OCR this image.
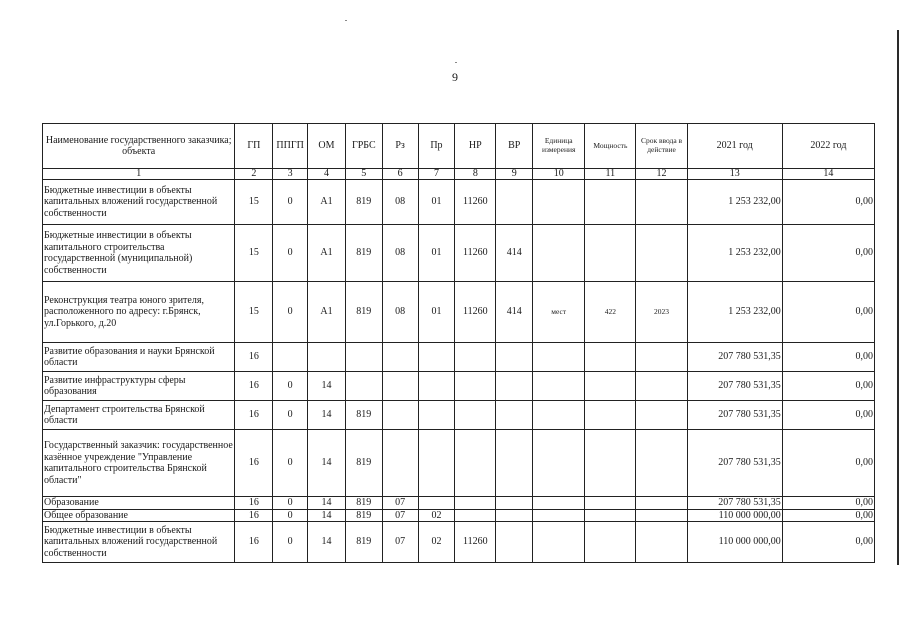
9
Наименование государственного заказчика; объекта	ГП	ППГП	ОМ	ГРБС	Рз	Пр	НР	ВР	Единица измерения	Мощность	Срок ввода в действие	2021 год	2022 год
1	2	3	4	5	6	7	8	9	10	11	12	13	14
Бюджетные инвестиции в объекты капитальных вложений государственной собственности	15	0	А1	819	08	01	11260					1 253 232,00	0,00
Бюджетные инвестиции в объекты капитального строительства государственной (муниципальной) собственности	15	0	А1	819	08	01	11260	414				1 253 232,00	0,00
Реконструкция театра юного зрителя, расположенного по адресу: г.Брянск, ул.Горького, д.20	15	0	А1	819	08	01	11260	414	мест	422	2023	1 253 232,00	0,00
Развитие образования и науки Брянской области	16											207 780 531,35	0,00
Развитие инфраструктуры сферы образования	16	0	14									207 780 531,35	0,00
Департамент строительства Брянской области	16	0	14	819								207 780 531,35	0,00
Государственный заказчик: государственное казённое учреждение "Управление капитального строительства Брянской области"	16	0	14	819								207 780 531,35	0,00
Образование	16	0	14	819	07							207 780 531,35	0,00
Общее образование	16	0	14	819	07	02						110 000 000,00	0,00
Бюджетные инвестиции в объекты капитальных вложений государственной собственности	16	0	14	819	07	02	11260					110 000 000,00	0,00
